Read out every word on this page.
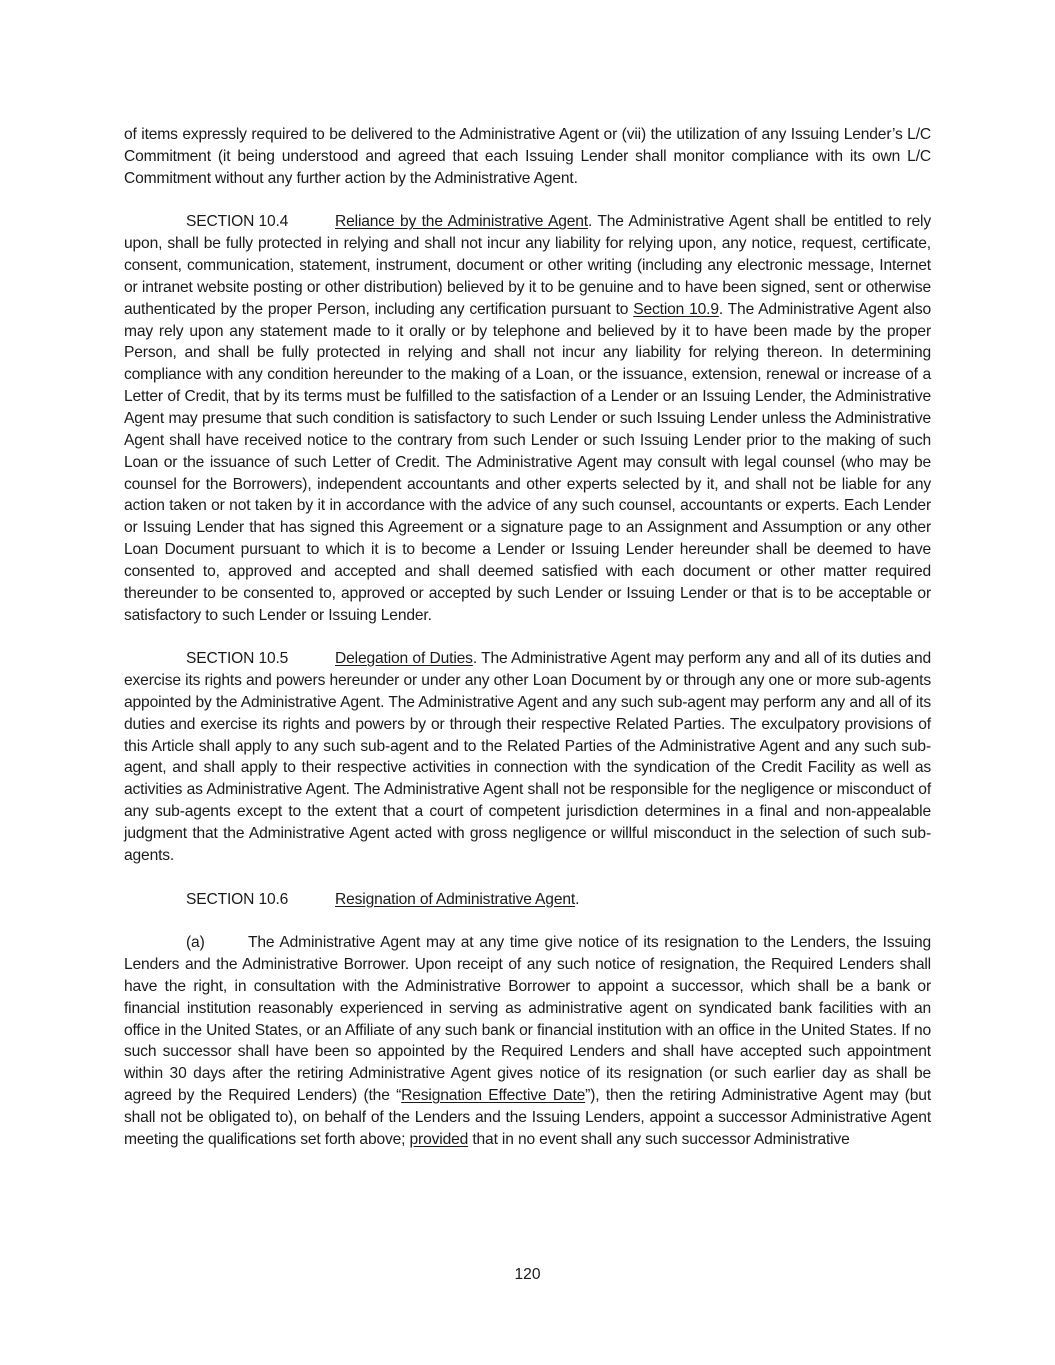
of items expressly required to be delivered to the Administrative Agent or (vii) the utilization of any Issuing Lender’s L/C Commitment (it being understood and agreed that each Issuing Lender shall monitor compliance with its own L/C Commitment without any further action by the Administrative Agent.

SECTION 10.4	Reliance by the Administrative Agent. The Administrative Agent shall be entitled to rely upon, shall be fully protected in relying and shall not incur any liability for relying upon, any notice, request, certificate, consent, communication, statement, instrument, document or other writing (including any electronic message, Internet or intranet website posting or other distribution) believed by it to be genuine and to have been signed, sent or otherwise authenticated by the proper Person, including any certification pursuant to Section 10.9. The Administrative Agent also may rely upon any statement made to it orally or by telephone and believed by it to have been made by the proper Person, and shall be fully protected in relying and shall not incur any liability for relying thereon. In determining compliance with any condition hereunder to the making of a Loan, or the issuance, extension, renewal or increase of a Letter of Credit, that by its terms must be fulfilled to the satisfaction of a Lender or an Issuing Lender, the Administrative Agent may presume that such condition is satisfactory to such Lender or such Issuing Lender unless the Administrative Agent shall have received notice to the contrary from such Lender or such Issuing Lender prior to the making of such Loan or the issuance of such Letter of Credit. The Administrative Agent may consult with legal counsel (who may be counsel for the Borrowers), independent accountants and other experts selected by it, and shall not be liable for any action taken or not taken by it in accordance with the advice of any such counsel, accountants or experts. Each Lender or Issuing Lender that has signed this Agreement or a signature page to an Assignment and Assumption or any other Loan Document pursuant to which it is to become a Lender or Issuing Lender hereunder shall be deemed to have consented to, approved and accepted and shall deemed satisfied with each document or other matter required thereunder to be consented to, approved or accepted by such Lender or Issuing Lender or that is to be acceptable or satisfactory to such Lender or Issuing Lender.

SECTION 10.5	Delegation of Duties. The Administrative Agent may perform any and all of its duties and exercise its rights and powers hereunder or under any other Loan Document by or through any one or more sub-agents appointed by the Administrative Agent. The Administrative Agent and any such sub-agent may perform any and all of its duties and exercise its rights and powers by or through their respective Related Parties. The exculpatory provisions of this Article shall apply to any such sub-agent and to the Related Parties of the Administrative Agent and any such sub-agent, and shall apply to their respective activities in connection with the syndication of the Credit Facility as well as activities as Administrative Agent. The Administrative Agent shall not be responsible for the negligence or misconduct of any sub-agents except to the extent that a court of competent jurisdiction determines in a final and non-appealable judgment that the Administrative Agent acted with gross negligence or willful misconduct in the selection of such sub-agents.

SECTION 10.6	Resignation of Administrative Agent.

(a)	The Administrative Agent may at any time give notice of its resignation to the Lenders, the Issuing Lenders and the Administrative Borrower. Upon receipt of any such notice of resignation, the Required Lenders shall have the right, in consultation with the Administrative Borrower to appoint a successor, which shall be a bank or financial institution reasonably experienced in serving as administrative agent on syndicated bank facilities with an office in the United States, or an Affiliate of any such bank or financial institution with an office in the United States. If no such successor shall have been so appointed by the Required Lenders and shall have accepted such appointment within 30 days after the retiring Administrative Agent gives notice of its resignation (or such earlier day as shall be agreed by the Required Lenders) (the “Resignation Effective Date”), then the retiring Administrative Agent may (but shall not be obligated to), on behalf of the Lenders and the Issuing Lenders, appoint a successor Administrative Agent meeting the qualifications set forth above; provided that in no event shall any such successor Administrative

120
